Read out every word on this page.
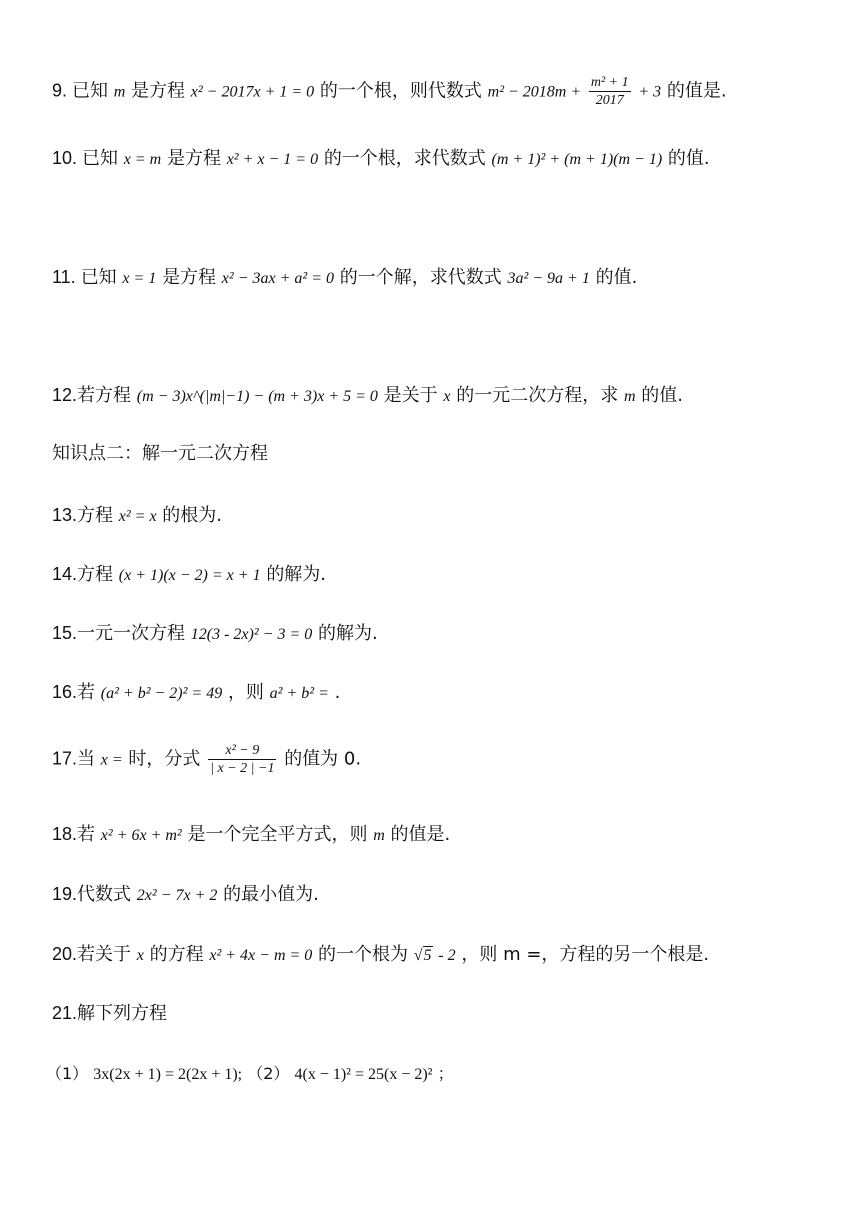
9. 已知 m 是方程 x² − 2017x + 1 = 0 的一个根，则代数式 $m^2 - 2018m + \frac{\text{m² + 1}}{2017} + 3$ 的值是.
10. 已知 x = m 是方程 x² + x − 1 = 0 的一个根，求代数式 (m + 1)² + (m + 1)(m − 1) 的值.
11. 已知 x = 1 是方程 x² − 3ax + a² = 0 的一个解，求代数式 3a² − 9a + 1 的值.
12.若方程 (m − 3)x^(|m|−1) − (m + 3)x + 5 = 0 是关于 x 的一元二次方程，求 m 的值.
知识点二：解一元二次方程
13.方程 x² = x 的根为.
14.方程 (x + 1)(x − 2) = x + 1 的解为.
15.一元一次方程 12(3 - 2x)² − 3 = 0 的解为.
16.若 (a² + b² − 2)² = 49 ，则 a² + b² = .
17.当 x = 时，分式 $\frac{\text{x² − 9}}{| x - 2 | -1}$ 的值为 0.
18.若 x² + 6x + m² 是一个完全平方式，则 m 的值是.
19.代数式 2x² − 7x + 2 的最小值为.
20.若关于 x 的方程 x² + 4x − m = 0 的一个根为 √5 - 2 ，则 m =，方程的另一个根是.
21.解下列方程
（1） 3x(2x + 1) = 2(2x + 1); （2） 4(x − 1)² = 25(x − 2)² ；
